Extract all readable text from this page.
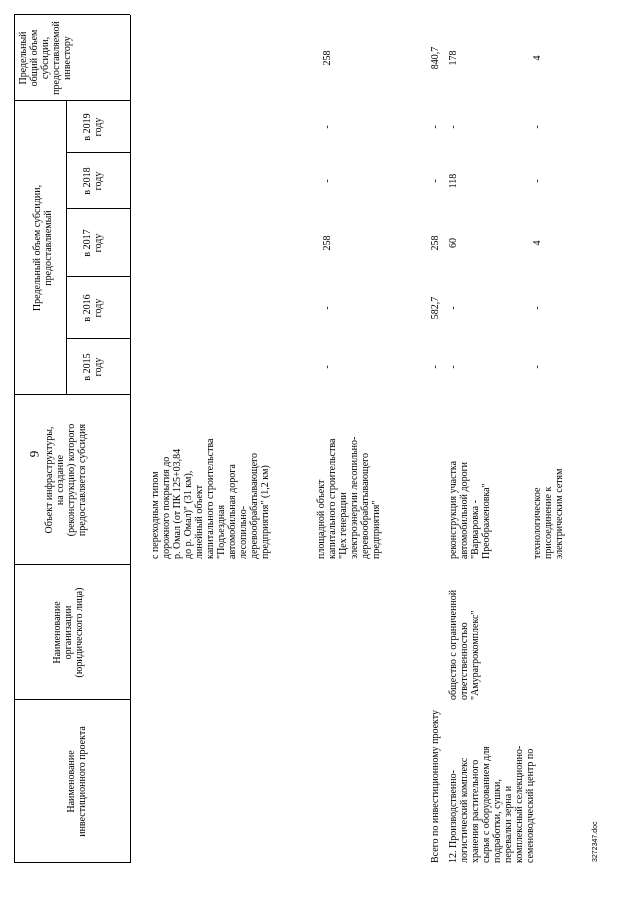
Наименование инвестиционного проекта
Наименование организации (юридического лица)
Объект инфраструктуры, на создание (реконструкцию) которого предоставляется субсидия
Предельный объем субсидии, предоставляемый
в 2015 году
в 2016 году
в 2017 году
в 2018 году
в 2019 году
Предельный общий объем субсидии, предоставляемой инвестору
с переходным типом дорожного покрытия до р. Омал (от ПК 125+03,84 до р. Омал)" (31 км), линейный объект капитального строительства "Подъездная автомобильная дорога лесопильно- деревообрабатывающего предприятия" (1,2 км)	площадной объект капитального строительства "Цех генерации электроэнергии лесопильно- деревообрабатывающего предприятия"
Всего по инвестиционному проекту 12. Производственно- логистический комплекс хранения растительного сырья с оборудованием для подработки, сушки, перевалки зерна и комплексный селекционно- семеноводческий центр по
общество с ограниченной ответственностью "Амурагрокомплекс"
реконструкция участка автомобильной дороги "Варваровка - Преображеновка"	технологическое присоединение к электрическим сетям
-
-
258
-
-
258
-
582,7
258
-
-
840,7
-
-
60
118
-
178
-
-
4
-
-
4
9
3272347.doc
